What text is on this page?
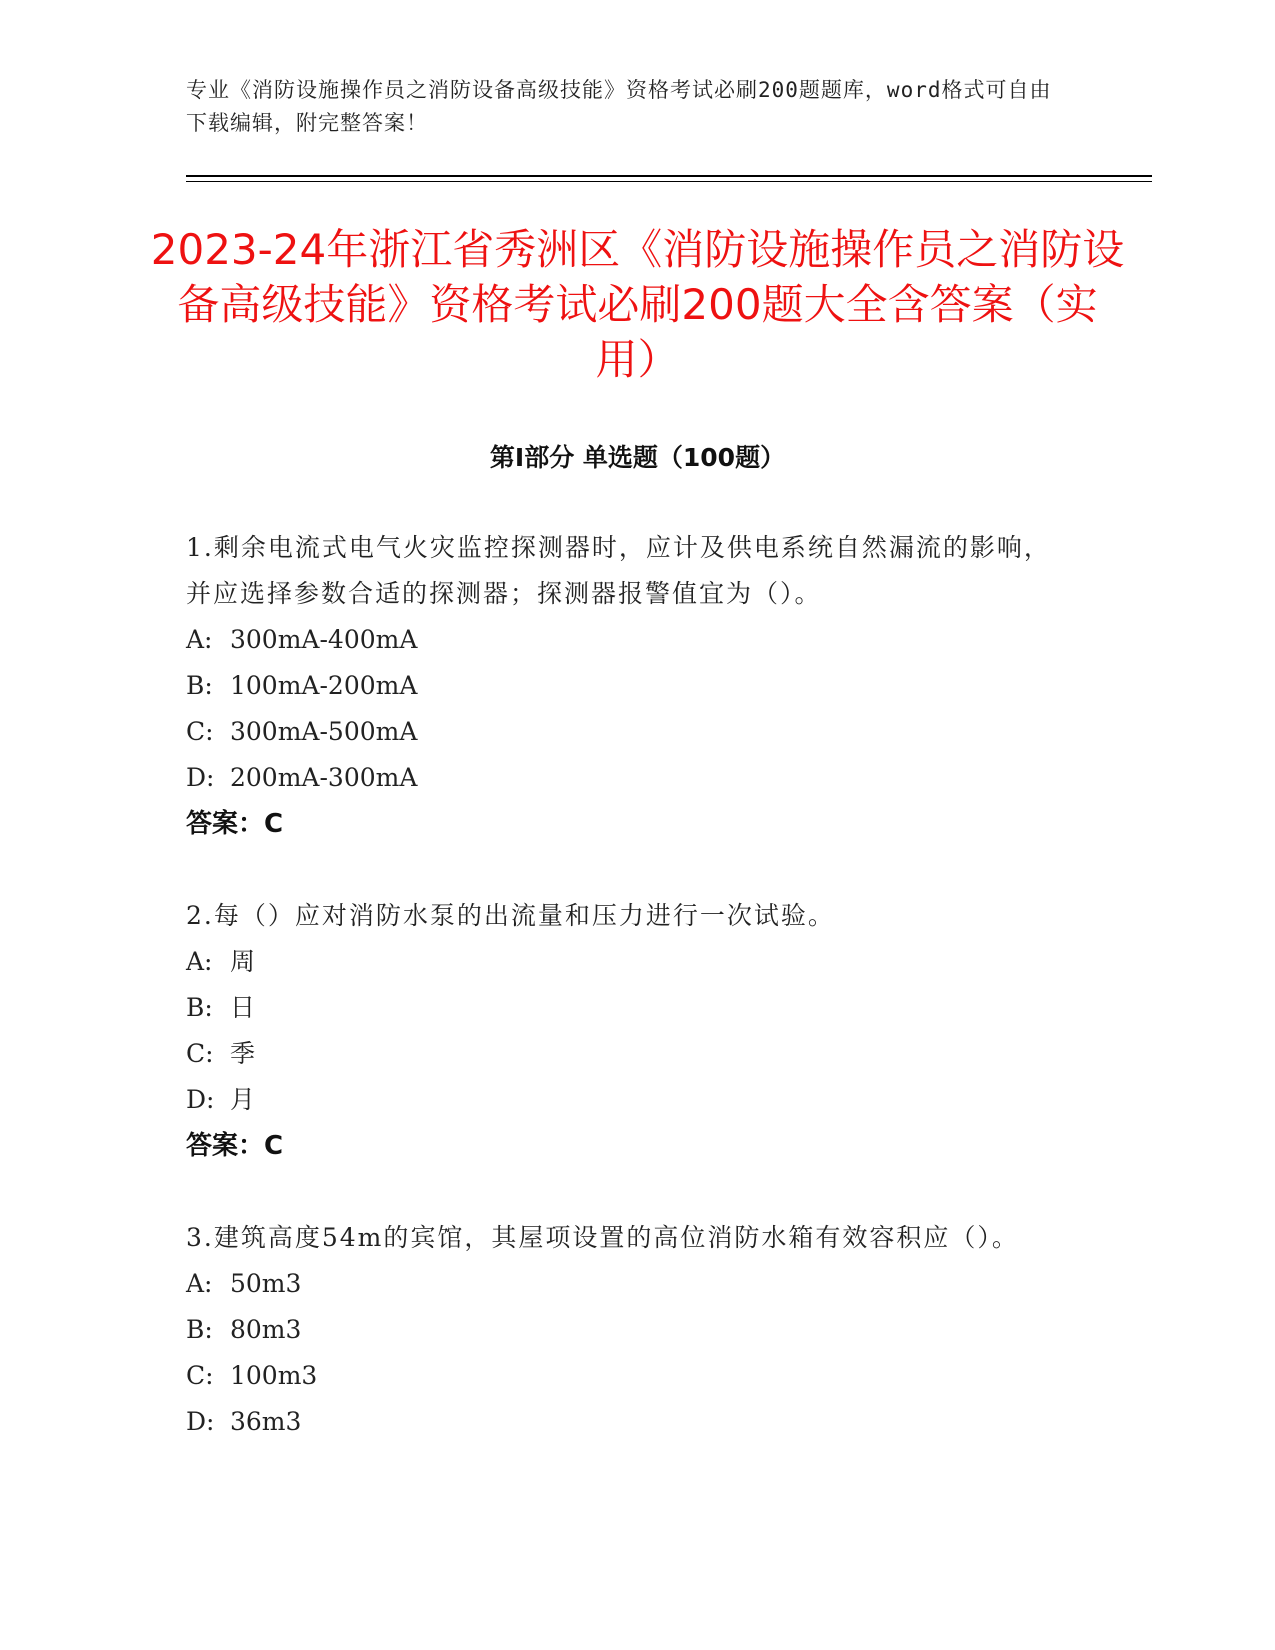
专业《消防设施操作员之消防设备高级技能》资格考试必刷200题题库，word格式可自由下载编辑，附完整答案！
2023-24年浙江省秀洲区《消防设施操作员之消防设备高级技能》资格考试必刷200题大全含答案（实用）
第I部分 单选题（100题）
1.剩余电流式电气火灾监控探测器时，应计及供电系统自然漏流的影响，并应选择参数合适的探测器；探测器报警值宜为（）。
A: 300mA-400mA
B: 100mA-200mA
C: 300mA-500mA
D: 200mA-300mA
答案：C
2.每（）应对消防水泵的出流量和压力进行一次试验。
A: 周
B: 日
C: 季
D: 月
答案：C
3.建筑高度54m的宾馆，其屋项设置的高位消防水箱有效容积应（）。
A: 50m3
B: 80m3
C: 100m3
D: 36m3
